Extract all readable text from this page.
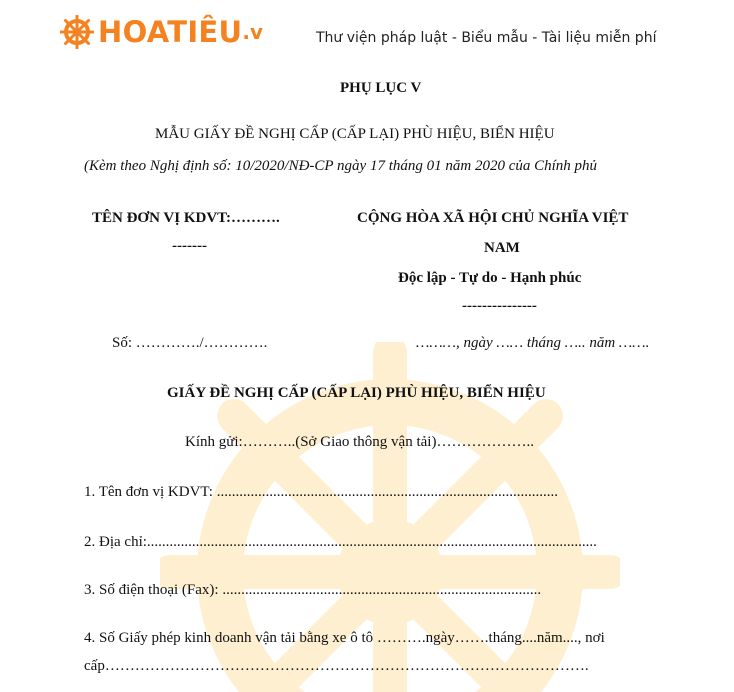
HOATIÊU .v	Thư viện pháp luật - Biểu mẫu - Tài liệu miễn phí
PHỤ LỤC V
MẪU GIẤY ĐỀ NGHỊ CẤP (CẤP LẠI) PHÙ HIỆU, BIỂN HIỆU
(Kèm theo Nghị định số: 10/2020/NĐ-CP ngày 17 tháng 01 năm 2020 của Chính phủ
TÊN ĐƠN VỊ KDVT:……….
-------
CỘNG HÒA XÃ HỘI CHỦ NGHĨA VIỆT
NAM
Độc lập - Tự do - Hạnh phúc
---------------
Số: …………./………….	………, ngày …… tháng ….. năm …….
GIẤY ĐỀ NGHỊ CẤP (CẤP LẠI) PHÙ HIỆU, BIỂN HIỆU
Kính gửi:………..(Sở Giao thông vận tải)………………..
1. Tên đơn vị KDVT: ...........................................................................................
2. Địa chỉ:........................................................................................................................
3. Số điện thoại (Fax): .....................................................................................
4. Số Giấy phép kinh doanh vận tải bằng xe ô tô ……….ngày…….tháng....năm...., nơi
cấp…………………………………………………………………………………….
